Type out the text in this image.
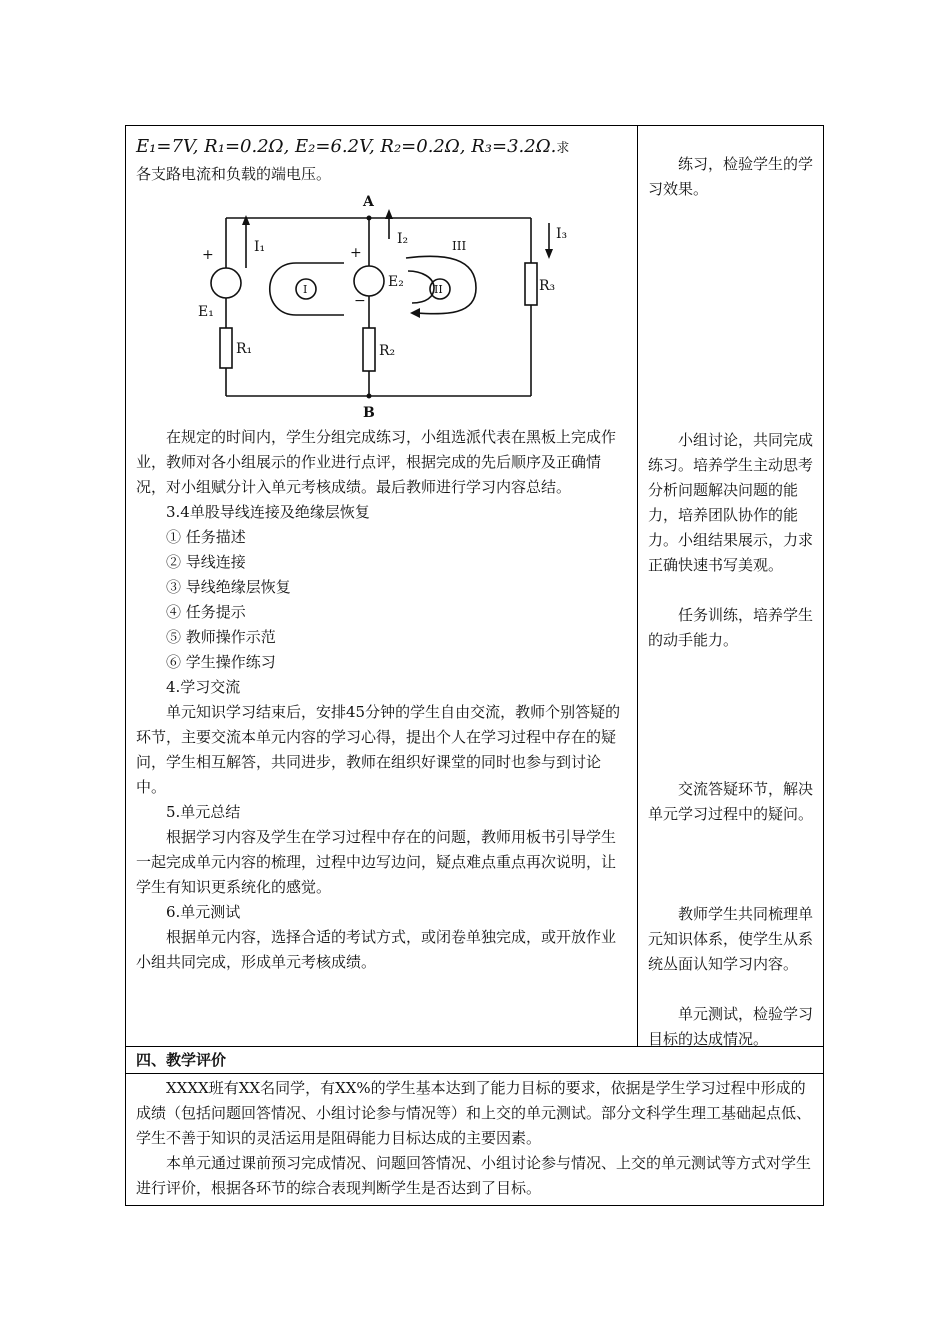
E₁=7V, R₁=0.2Ω, E₂=6.2V, R₂=0.2Ω, R₃=3.2Ω.求

各支路电流和负载的端电压。

A
B
I₁	I₂	I₃
E₁
E₂
R₁	R₂
R₃
I	II
III
+	+
−

在规定的时间内，学生分组完成练习，小组选派代表在黑板上完成作业，教师对各小组展示的作业进行点评，根据完成的先后顺序及正确情况，对小组赋分计入单元考核成绩。最后教师进行学习内容总结。

3.4单股导线连接及绝缘层恢复

① 任务描述

② 导线连接

③ 导线绝缘层恢复

④ 任务提示

⑤ 教师操作示范

⑥ 学生操作练习

4.学习交流

单元知识学习结束后，安排45分钟的学生自由交流，教师个别答疑的环节，主要交流本单元内容的学习心得，提出个人在学习过程中存在的疑问，学生相互解答，共同进步，教师在组织好课堂的同时也参与到讨论中。

5.单元总结

根据学习内容及学生在学习过程中存在的问题，教师用板书引导学生一起完成单元内容的梳理，过程中边写边问，疑点难点重点再次说明，让学生有知识更系统化的感觉。

6.单元测试

根据单元内容，选择合适的考试方式，或闭卷单独完成，或开放作业小组共同完成，形成单元考核成绩。

练习，检验学生的学习效果。
小组讨论，共同完成练习。培养学生主动思考分析问题解决问题的能力，培养团队协作的能力。小组结果展示，力求正确快速书写美观。
任务训练，培养学生的动手能力。
交流答疑环节，解决单元学习过程中的疑问。
教师学生共同梳理单元知识体系，使学生从系统丛面认知学习内容。
单元测试，检验学习目标的达成情况。
四、教学评价

XXXX班有XX名同学，有XX%的学生基本达到了能力目标的要求，依据是学生学习过程中形成的成绩（包括问题回答情况、小组讨论参与情况等）和上交的单元测试。部分文科学生理工基础起点低、学生不善于知识的灵活运用是阻碍能力目标达成的主要因素。

本单元通过课前预习完成情况、问题回答情况、小组讨论参与情况、上交的单元测试等方式对学生进行评价，根据各环节的综合表现判断学生是否达到了目标。
